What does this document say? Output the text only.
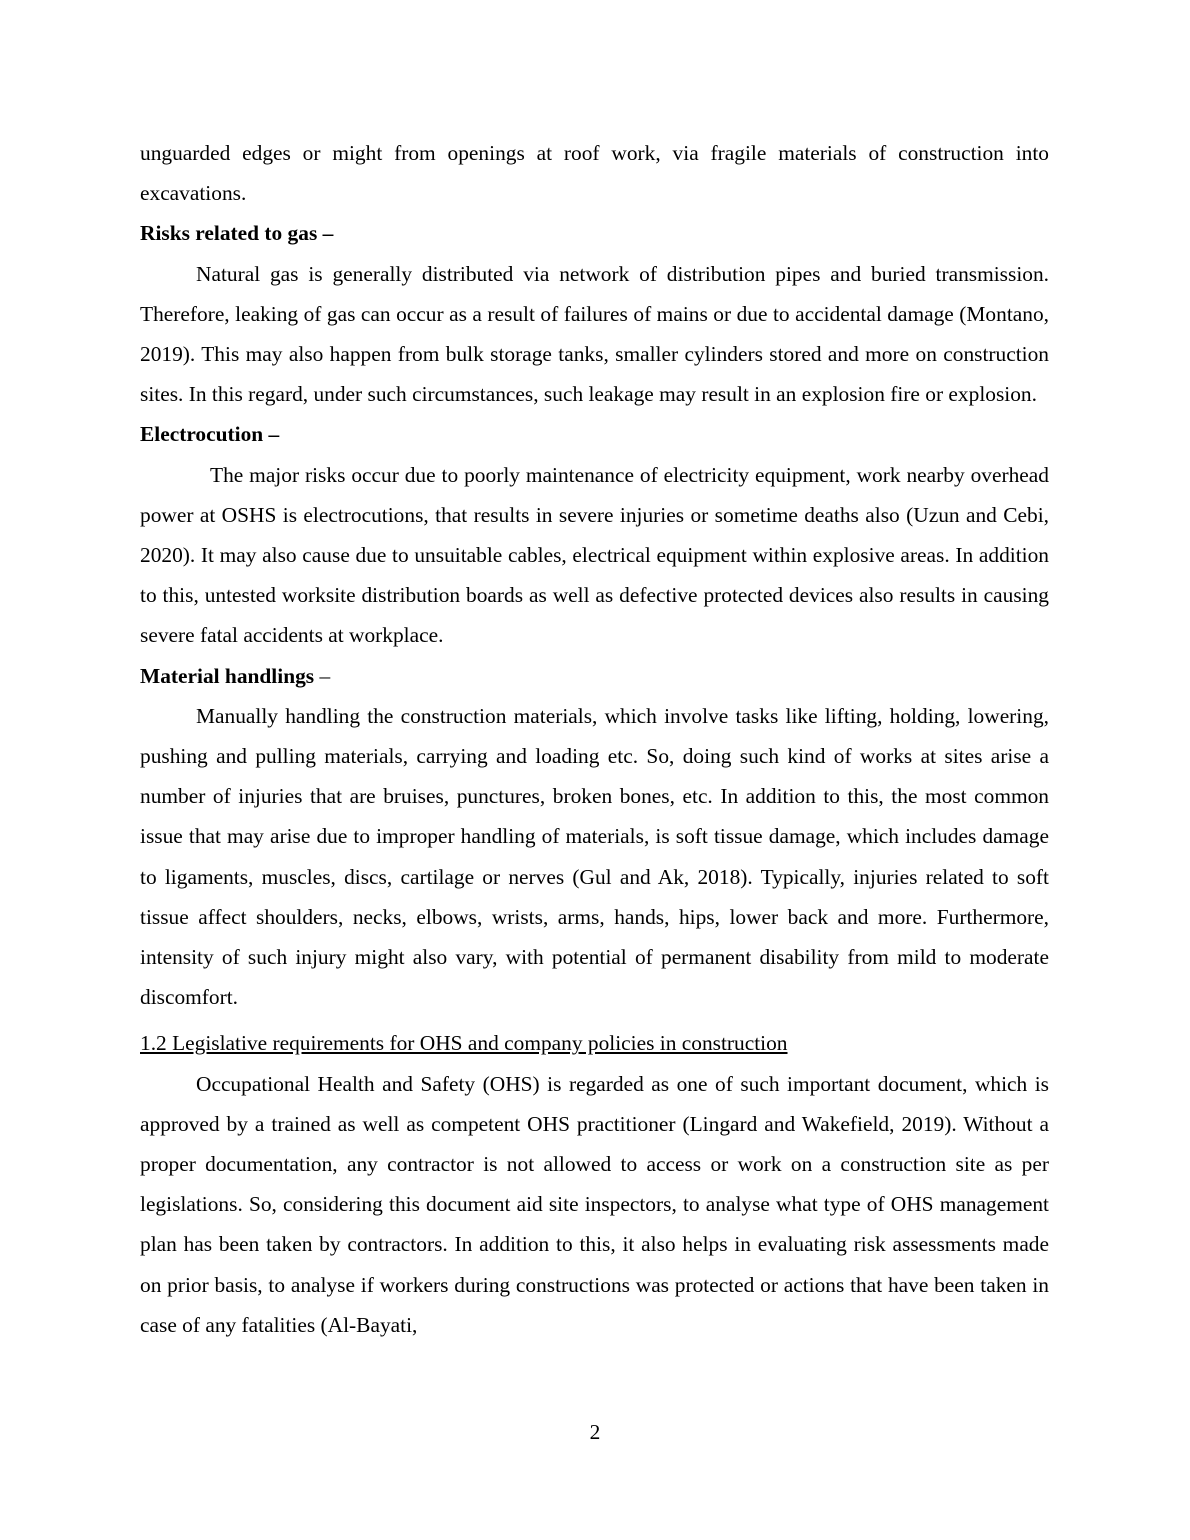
unguarded edges or might from openings at roof work, via fragile materials of construction into excavations.

Risks related to gas –

Natural gas is generally distributed via network of distribution pipes and buried transmission. Therefore, leaking of gas can occur as a result of failures of mains or due to accidental damage (Montano, 2019). This may also happen from bulk storage tanks, smaller cylinders stored and more on construction sites. In this regard, under such circumstances, such leakage may result in an explosion fire or explosion.

Electrocution –

The major risks occur due to poorly maintenance of electricity equipment, work nearby overhead power at OSHS is electrocutions, that results in severe injuries or sometime deaths also (Uzun and Cebi, 2020). It may also cause due to unsuitable cables, electrical equipment within explosive areas. In addition to this, untested worksite distribution boards as well as defective protected devices also results in causing severe fatal accidents at workplace.

Material handlings –

Manually handling the construction materials, which involve tasks like lifting, holding, lowering, pushing and pulling materials, carrying and loading etc. So, doing such kind of works at sites arise a number of injuries that are bruises, punctures, broken bones, etc. In addition to this, the most common issue that may arise due to improper handling of materials, is soft tissue damage, which includes damage to ligaments, muscles, discs, cartilage or nerves (Gul and Ak, 2018). Typically, injuries related to soft tissue affect shoulders, necks, elbows, wrists, arms, hands, hips, lower back and more. Furthermore, intensity of such injury might also vary, with potential of permanent disability from mild to moderate discomfort.

1.2 Legislative requirements for OHS and company policies in construction

Occupational Health and Safety (OHS) is regarded as one of such important document, which is approved by a trained as well as competent OHS practitioner (Lingard and Wakefield, 2019). Without a proper documentation, any contractor is not allowed to access or work on a construction site as per legislations. So, considering this document aid site inspectors, to analyse what type of OHS management plan has been taken by contractors. In addition to this, it also helps in evaluating risk assessments made on prior basis, to analyse if workers during constructions was protected or actions that have been taken in case of any fatalities (Al-Bayati,

2
